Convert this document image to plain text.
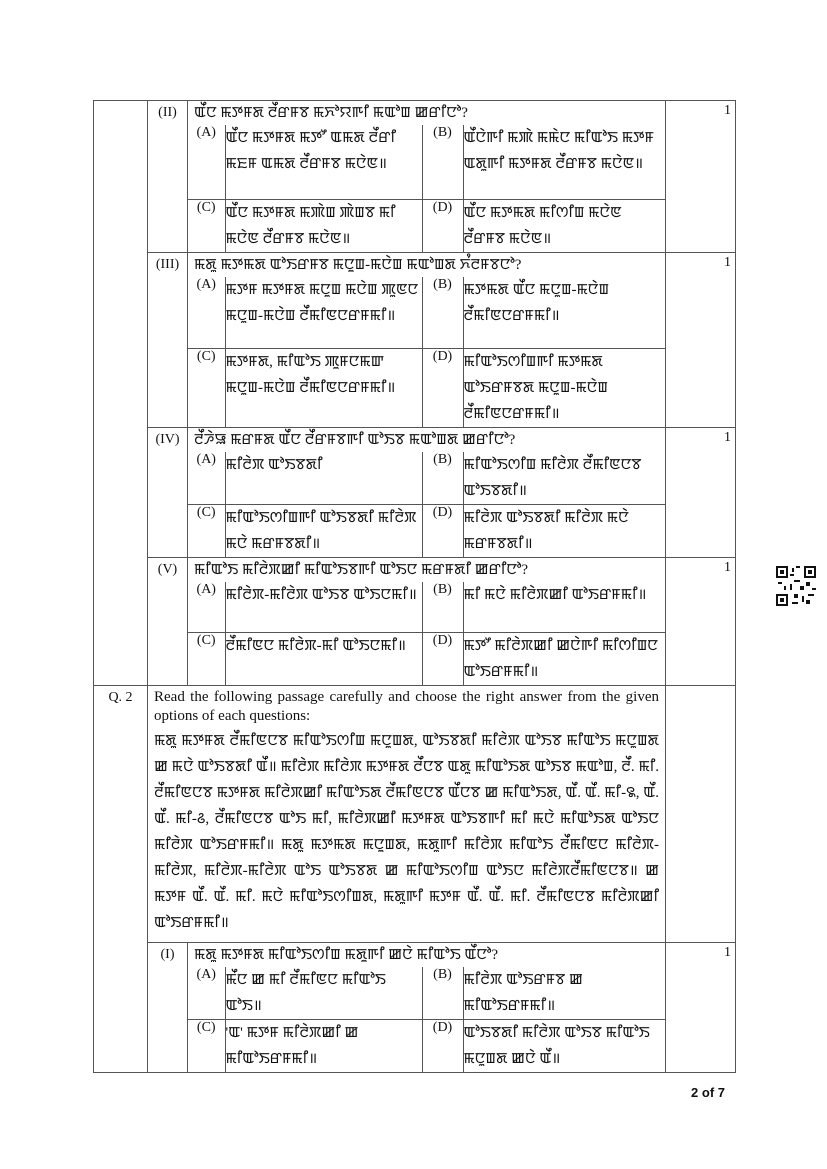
	(II)	ꯑꯩꯅ ꯃꯇꯝꯗ ꯂꯩꯔꯝꯕ ꯃꯈꯣꯌꯒꯤ ꯃꯑꯣꯡ ꯀꯔꯤꯅꯣ?
(A)	ꯑꯩꯅ ꯃꯇꯝꯗ ꯃꯇꯧ ꯑꯃꯗ ꯂꯩꯔꯤ ꯃꯐꯝ ꯑꯃꯗ ꯂꯩꯔꯝꯕ ꯃꯅꯥꯟ॥	(B)	ꯑꯩꯅꯥꯒꯤ ꯃꯄꯥ ꯃꯃꯥꯅ ꯃꯤꯑꯣꯏ ꯃꯇꯝ ꯑꯗꯨꯒꯤ ꯃꯇꯝꯗ ꯂꯩꯔꯝꯕ ꯃꯅꯥꯟ॥
(C)	ꯑꯩꯅ ꯃꯇꯝꯗ ꯃꯄꯥꯡ ꯄꯥꯡꯕ ꯃꯤ ꯃꯅꯥꯟ ꯂꯩꯔꯝꯕ ꯃꯅꯥꯟ॥	(D)	ꯑꯩꯅ ꯃꯇꯃꯗ ꯃꯤꯁꯤꯡ ꯃꯅꯥꯟ ꯂꯩꯔꯝꯕ ꯃꯅꯥꯟ॥
	1
(III)	ꯃꯗꯨ ꯃꯇꯃꯗ ꯑꯣꯏꯔꯝꯕ ꯃꯅꯨꯡ-ꯃꯅꯥꯡ ꯃꯑꯣꯡꯗ ꯈꯪꯂꯝꯕꯅꯣ?
(A)	ꯃꯇꯝ ꯃꯇꯝꯗ ꯃꯅꯨꯡ ꯃꯅꯥꯡ ꯄꯨꯟꯅ ꯃꯅꯨꯡ-ꯃꯅꯥꯡ ꯂꯩꯃꯤꯟꯅꯔꯝꯃꯤ॥	(B)	ꯃꯇꯃꯗ ꯑꯩꯅ ꯃꯅꯨꯡ-ꯃꯅꯥꯡ ꯂꯩꯃꯤꯟꯅꯔꯝꯃꯤ॥
(C)	ꯃꯇꯝꯗ, ꯃꯤꯑꯣꯏ ꯄꯨꯝꯅꯃꯛ ꯃꯅꯨꯡ-ꯃꯅꯥꯡ ꯂꯩꯃꯤꯟꯅꯔꯝꯃꯤ॥	(D)	ꯃꯤꯑꯣꯏꯁꯤꯡꯒꯤ ꯃꯇꯃꯗ ꯑꯣꯏꯔꯝꯕꯗ ꯃꯅꯨꯡ-ꯃꯅꯥꯡ ꯂꯩꯃꯤꯟꯅꯔꯝꯃꯤ॥
	1
(IV)	ꯂꯩꯍꯥꯎ ꯃꯔꯝꯗ ꯑꯩꯅ ꯂꯩꯔꯝꯕꯒꯤ ꯑꯣꯏꯕ ꯃꯑꯣꯡꯗ ꯀꯔꯤꯅꯣ?
(A)	ꯃꯤꯂꯥꯞ ꯑꯣꯏꯕꯗꯤ	(B)	ꯃꯤꯑꯣꯏꯁꯤꯡ ꯃꯤꯂꯥꯞ ꯂꯩꯃꯤꯟꯅꯕ ꯑꯣꯏꯕꯗꯤ॥
(C)	ꯃꯤꯑꯣꯏꯁꯤꯡꯒꯤ ꯑꯣꯏꯕꯗꯤ ꯃꯤꯂꯥꯞ ꯃꯅꯥ ꯃꯔꯝꯕꯗꯤ॥	(D)	ꯃꯤꯂꯥꯞ ꯑꯣꯏꯕꯗꯤ ꯃꯤꯂꯥꯞ ꯃꯅꯥ ꯃꯔꯝꯕꯗꯤ॥
	1
(V)	ꯃꯤꯑꯣꯏ ꯃꯤꯂꯥꯞꯀꯤ ꯃꯤꯑꯣꯏꯕꯒꯤ ꯑꯣꯏꯅ ꯃꯔꯝꯗꯤ ꯀꯔꯤꯅꯣ?
(A)	ꯃꯤꯂꯥꯞ-ꯃꯤꯂꯥꯞ ꯑꯣꯏꯕ ꯑꯣꯏꯅꯃꯤ॥	(B)	ꯃꯤ ꯃꯅꯥ ꯃꯤꯂꯥꯞꯀꯤ ꯑꯣꯏꯔꯝꯃꯤ॥
(C)	ꯂꯩꯃꯤꯟꯅ ꯃꯤꯂꯥꯞ-ꯃꯤ ꯑꯣꯏꯅꯃꯤ॥	(D)	ꯃꯇꯧ ꯃꯤꯂꯥꯞꯀꯤ ꯀꯅꯥꯒꯤ ꯃꯤꯁꯤꯡꯅ ꯑꯣꯏꯔꯝꯃꯤ॥
	1
Q. 2	Read the following passage carefully and choose the right answer from the given options of each questions:
ꯃꯗꯨ ꯃꯇꯝꯗ ꯂꯩꯃꯤꯟꯅꯕ ꯃꯤꯑꯣꯏꯁꯤꯡ ꯃꯅꯨꯡꯗ, ꯑꯣꯏꯕꯗꯤ ꯃꯤꯂꯥꯞ ꯑꯣꯏꯕ ꯃꯤꯑꯣꯏ ꯃꯅꯨꯡꯗ ꯀ ꯃꯅꯥ ꯑꯣꯏꯕꯗꯤ ꯑꯩ॥ ꯃꯤꯂꯥꯞ ꯃꯤꯂꯥꯞ ꯃꯇꯝꯗ ꯂꯩꯅꯕ ꯑꯗꯨ ꯃꯤꯑꯣꯏꯗ ꯑꯣꯏꯕ ꯃꯑꯣꯡ, ꯂꯩ. ꯃꯤ. ꯂꯩꯃꯤꯟꯅꯕ ꯃꯇꯝꯗ ꯃꯤꯂꯥꯞꯀꯤ ꯃꯤꯑꯣꯏꯗ ꯂꯩꯃꯤꯟꯅꯕ ꯑꯩꯅꯕ ꯀ ꯃꯤꯑꯣꯏꯗ, ꯑꯩ. ꯑꯩ. ꯃꯤ-꯲, ꯑꯩ. ꯑꯩ. ꯃꯤ-꯴, ꯂꯩꯃꯤꯟꯅꯕ ꯑꯣꯏ ꯃꯤ, ꯃꯤꯂꯥꯞꯀꯤ ꯃꯇꯝꯗ ꯑꯣꯏꯕꯒꯤ ꯃꯤ ꯃꯅꯥ ꯃꯤꯑꯣꯏꯗ ꯑꯣꯏꯅ ꯃꯤꯂꯥꯞ ꯑꯣꯏꯔꯝꯃꯤ॥ ꯃꯗꯨ ꯃꯇꯃꯗ ꯃꯅꯨꯡꯗ, ꯃꯗꯨꯒꯤ ꯃꯤꯂꯥꯞ ꯃꯤꯑꯣꯏ ꯂꯩꯃꯤꯟꯅ ꯃꯤꯂꯥꯞ-ꯃꯤꯂꯥꯞ, ꯃꯤꯂꯥꯞ-ꯃꯤꯂꯥꯞ ꯑꯣꯏ ꯑꯣꯏꯕꯗ ꯀ ꯃꯤꯑꯣꯏꯁꯤꯡ ꯑꯣꯏꯅ ꯃꯤꯂꯥꯞꯂꯩꯃꯤꯟꯅꯕ॥ ꯀ ꯃꯇꯝ ꯑꯩ. ꯑꯩ. ꯃꯤ. ꯃꯅꯥ ꯃꯤꯑꯣꯏꯁꯤꯡꯗ, ꯃꯗꯨꯒꯤ ꯃꯇꯝ ꯑꯩ. ꯑꯩ. ꯃꯤ. ꯂꯩꯃꯤꯟꯅꯕ ꯃꯤꯂꯥꯞꯀꯤ ꯑꯣꯏꯔꯝꯃꯤ॥

(I)	ꯃꯗꯨ ꯃꯇꯝꯗ ꯃꯤꯑꯣꯏꯁꯤꯡ ꯃꯗꯨꯒꯤ ꯀꯅꯥ ꯃꯤꯑꯣꯏ ꯑꯩꯅꯣ?
(A)	ꯃꯩꯅ ꯀ ꯃꯤ ꯂꯩꯃꯤꯟꯅ ꯃꯤꯑꯣꯏ ꯑꯣꯏ॥	(B)	ꯃꯤꯂꯥꯞ ꯑꯣꯏꯔꯝꯕ ꯀ ꯃꯤꯑꯣꯏꯔꯝꯃꯤ॥
(C)	'ꯑ' ꯃꯇꯝ ꯃꯤꯂꯥꯞꯀꯤ ꯀ ꯃꯤꯑꯣꯏꯔꯝꯃꯤ॥	(D)	ꯑꯣꯏꯕꯗꯤ ꯃꯤꯂꯥꯞ ꯑꯣꯏꯕ ꯃꯤꯑꯣꯏ ꯃꯅꯨꯡꯗ ꯀꯅꯥ ꯑꯩ॥
	1
2 of 7
